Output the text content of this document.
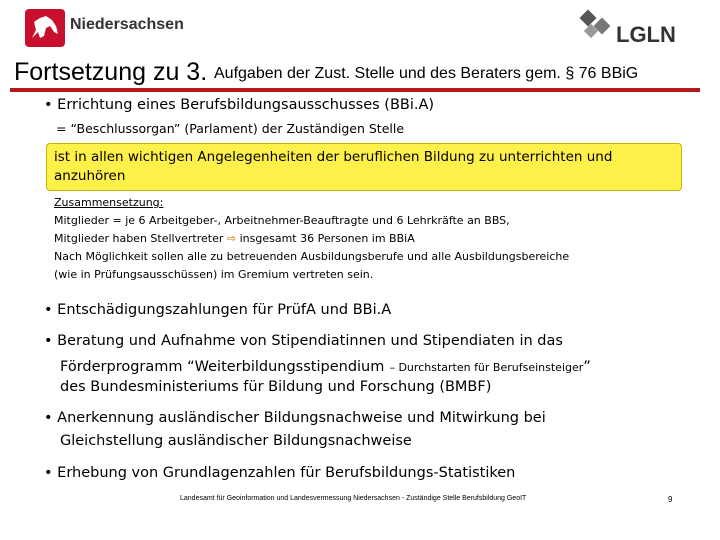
Niedersachsen	LGLN
Fortsetzung zu 3. Aufgaben der Zust. Stelle und des Beraters gem. § 76 BBiG
• Errichtung eines Berufsbildungsausschusses (BBi.A)
= “Beschlussorgan” (Parlament) der Zuständigen Stelle
ist in allen wichtigen Angelegenheiten der beruflichen Bildung zu unterrichten und
anzuhören
Zusammensetzung:
Mitglieder = je 6 Arbeitgeber-, Arbeitnehmer-Beauftragte und 6 Lehrkräfte an BBS,
Mitglieder haben Stellvertreter ⇨ insgesamt 36 Personen im BBiA
Nach Möglichkeit sollen alle zu betreuenden Ausbildungsberufe und alle Ausbildungsbereiche
(wie in Prüfungsausschüssen) im Gremium vertreten sein.
• Entschädigungszahlungen für PrüfA und BBi.A
• Beratung und Aufnahme von Stipendiatinnen und Stipendiaten in das
Förderprogramm “Weiterbildungsstipendium – Durchstarten für Berufseinsteiger”
des Bundesministeriums für Bildung und Forschung (BMBF)
• Anerkennung ausländischer Bildungsnachweise und Mitwirkung bei
Gleichstellung ausländischer Bildungsnachweise
• Erhebung von Grundlagenzahlen für Berufsbildungs-Statistiken
Landesamt für Geoinformation und Landesvermessung Niedersachsen - Zuständige Stelle Berufsbildung GeoIT	9
